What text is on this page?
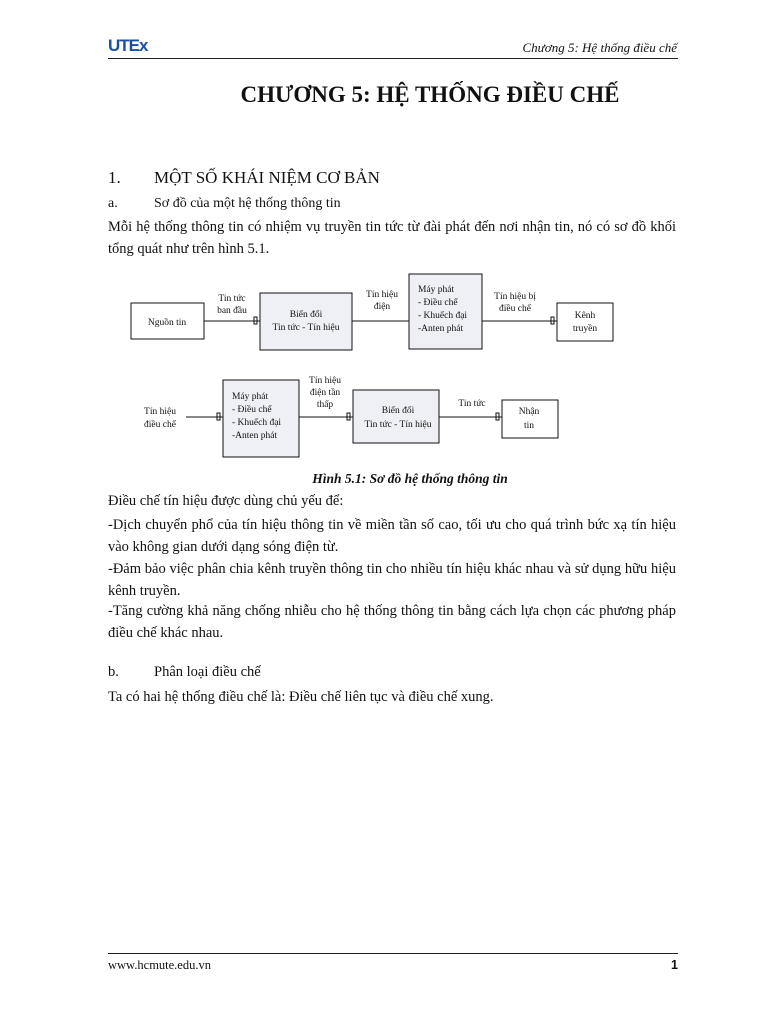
UTEx	Chương 5: Hệ thống điều chế
CHƯƠNG 5: HỆ THỐNG ĐIỀU CHẾ
1. MỘT SỐ KHÁI NIỆM CƠ BẢN
a.	Sơ đồ của một hệ thống thông tin
Mỗi hệ thống thông tin có nhiệm vụ truyền tin tức từ đài phát đến nơi nhận tin, nó có sơ đồ khối tổng quát như trên hình 5.1.
Nguồn tin
Tin tức
ban đầu	Biến đổi
Tin tức - Tín hiệu
Tín hiệu
điện
Máy phát
- Điều chế
- Khuếch đại
-Anten phát
Tín hiệu bị
điều chế
Kênh
truyền
Tín hiệu
điều chế
Máy phát
- Điều chế
- Khuếch đại
-Anten phát
Tín hiệu
điện tần
thấp
Biến đổi
Tin tức - Tín hiệu
Tin tức
Nhận
tin
Hình 5.1: Sơ đồ hệ thống thông tin
Điều chế tín hiệu được dùng chủ yếu để:
-Dịch chuyển phổ của tín hiệu thông tin về miền tần số cao, tối ưu cho quá trình bức xạ tín hiệu vào không gian dưới dạng sóng điện từ.
-Đảm bảo việc phân chia kênh truyền thông tin cho nhiều tín hiệu khác nhau và sử dụng hữu hiệu kênh truyền.
-Tăng cường khả năng chống nhiễu cho hệ thống thông tin bằng cách lựa chọn các phương pháp điều chế khác nhau.
b. Phân loại điều chế
Ta có hai hệ thống điều chế là: Điều chế liên tục và điều chế xung.
www.hcmute.edu.vn	1
